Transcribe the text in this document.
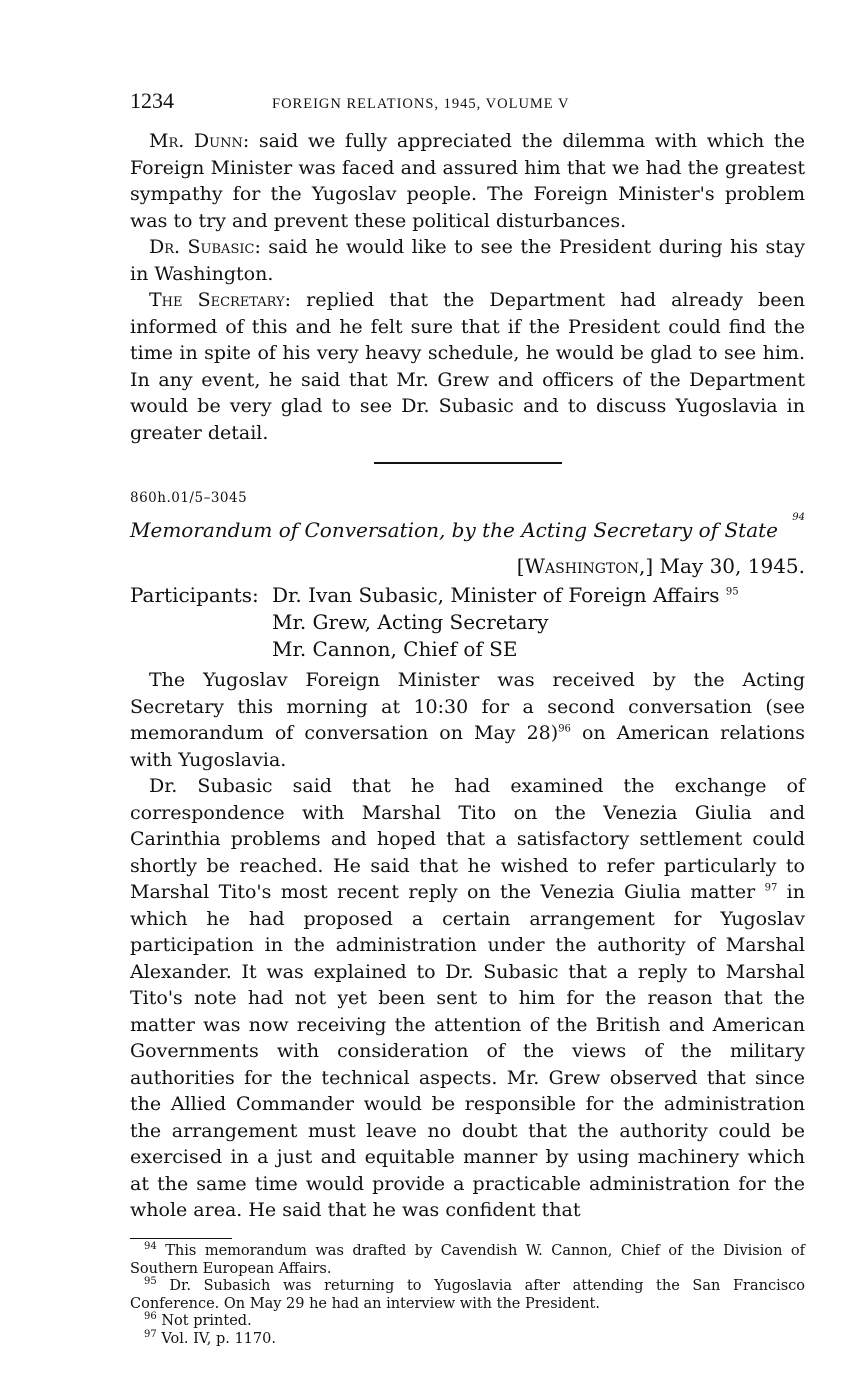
1234	FOREIGN RELATIONS, 1945, VOLUME V

Mr. Dunn: said we fully appreciated the dilemma with which the Foreign Minister was faced and assured him that we had the greatest sympathy for the Yugoslav people. The Foreign Minister's problem was to try and prevent these political disturbances.

Dr. Subasic: said he would like to see the President during his stay in Washington.

The Secretary: replied that the Department had already been informed of this and he felt sure that if the President could find the time in spite of his very heavy schedule, he would be glad to see him. In any event, he said that Mr. Grew and officers of the Department would be very glad to see Dr. Subasic and to discuss Yugoslavia in greater detail.

860h.01/5–3045
Memorandum of Conversation, by the Acting Secretary of State
94
[Washington,] May 30, 1945.
Participants: Dr. Ivan Subasic, Minister of Foreign Affairs $^{95}$
Mr. Grew, Acting Secretary
Mr. Cannon, Chief of SE

The Yugoslav Foreign Minister was received by the Acting Secretary this morning at 10:30 for a second conversation (see memorandum of conversation on May 28)$^{96}$ on American relations with Yugoslavia.

Dr. Subasic said that he had examined the exchange of correspondence with Marshal Tito on the Venezia Giulia and Carinthia problems and hoped that a satisfactory settlement could shortly be reached. He said that he wished to refer particularly to Marshal Tito's most recent reply on the Venezia Giulia matter $^{97}$ in which he had proposed a certain arrangement for Yugoslav participation in the administration under the authority of Marshal Alexander. It was explained to Dr. Subasic that a reply to Marshal Tito's note had not yet been sent to him for the reason that the matter was now receiving the attention of the British and American Governments with consideration of the views of the military authorities for the technical aspects. Mr. Grew observed that since the Allied Commander would be responsible for the administration the arrangement must leave no doubt that the authority could be exercised in a just and equitable manner by using machinery which at the same time would provide a practicable administration for the whole area. He said that he was confident that

$^{94}$ This memorandum was drafted by Cavendish W. Cannon, Chief of the Division of Southern European Affairs.
$^{95}$ Dr. Subasich was returning to Yugoslavia after attending the San Francisco Conference. On May 29 he had an interview with the President.
$^{96}$ Not printed.
$^{97}$ Vol. IV, p. 1170.
